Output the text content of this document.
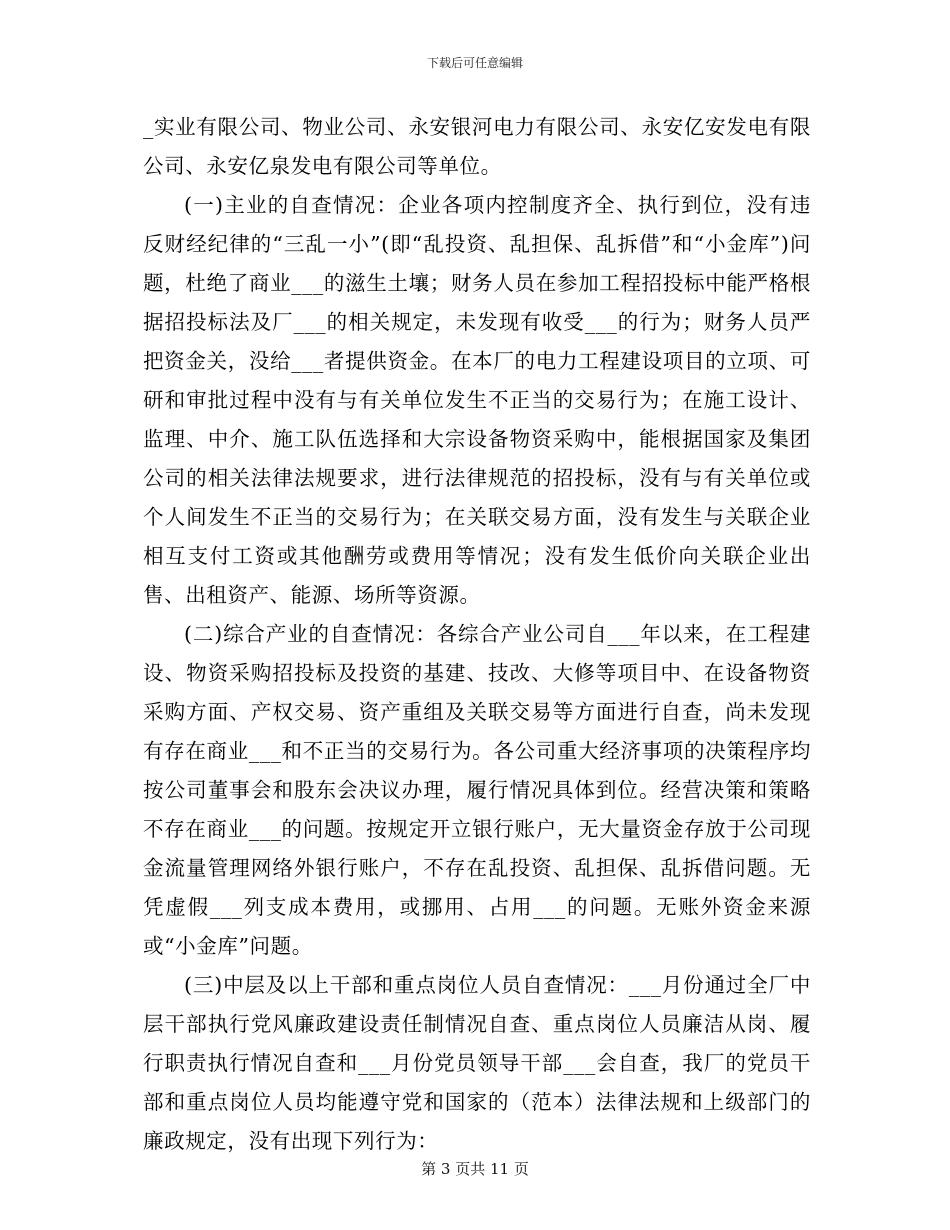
下载后可任意编辑

_实业有限公司、物业公司、永安银河电力有限公司、永安亿安发电有限公司、永安亿泉发电有限公司等单位。

(一)主业的自查情况：企业各项内控制度齐全、执行到位，没有违反财经纪律的“三乱一小”(即“乱投资、乱担保、乱拆借”和“小金库”)问题，杜绝了商业___的滋生土壤；财务人员在参加工程招投标中能严格根据招投标法及厂___的相关规定，未发现有收受___的行为；财务人员严把资金关，没给___者提供资金。在本厂的电力工程建设项目的立项、可研和审批过程中没有与有关单位发生不正当的交易行为；在施工设计、监理、中介、施工队伍选择和大宗设备物资采购中，能根据国家及集团公司的相关法律法规要求，进行法律规范的招投标，没有与有关单位或个人间发生不正当的交易行为；在关联交易方面，没有发生与关联企业相互支付工资或其他酬劳或费用等情况；没有发生低价向关联企业出售、出租资产、能源、场所等资源。

(二)综合产业的自查情况：各综合产业公司自___年以来，在工程建设、物资采购招投标及投资的基建、技改、大修等项目中、在设备物资采购方面、产权交易、资产重组及关联交易等方面进行自查，尚未发现有存在商业___和不正当的交易行为。各公司重大经济事项的决策程序均按公司董事会和股东会决议办理，履行情况具体到位。经营决策和策略不存在商业___的问题。按规定开立银行账户，无大量资金存放于公司现金流量管理网络外银行账户，不存在乱投资、乱担保、乱拆借问题。无凭虚假___列支成本费用，或挪用、占用___的问题。无账外资金来源或“小金库”问题。

(三)中层及以上干部和重点岗位人员自查情况：___月份通过全厂中层干部执行党风廉政建设责任制情况自查、重点岗位人员廉洁从岗、履行职责执行情况自查和___月份党员领导干部___会自查，我厂的党员干部和重点岗位人员均能遵守党和国家的（范本）法律法规和上级部门的廉政规定，没有出现下列行为：

第 3 页共 11 页
